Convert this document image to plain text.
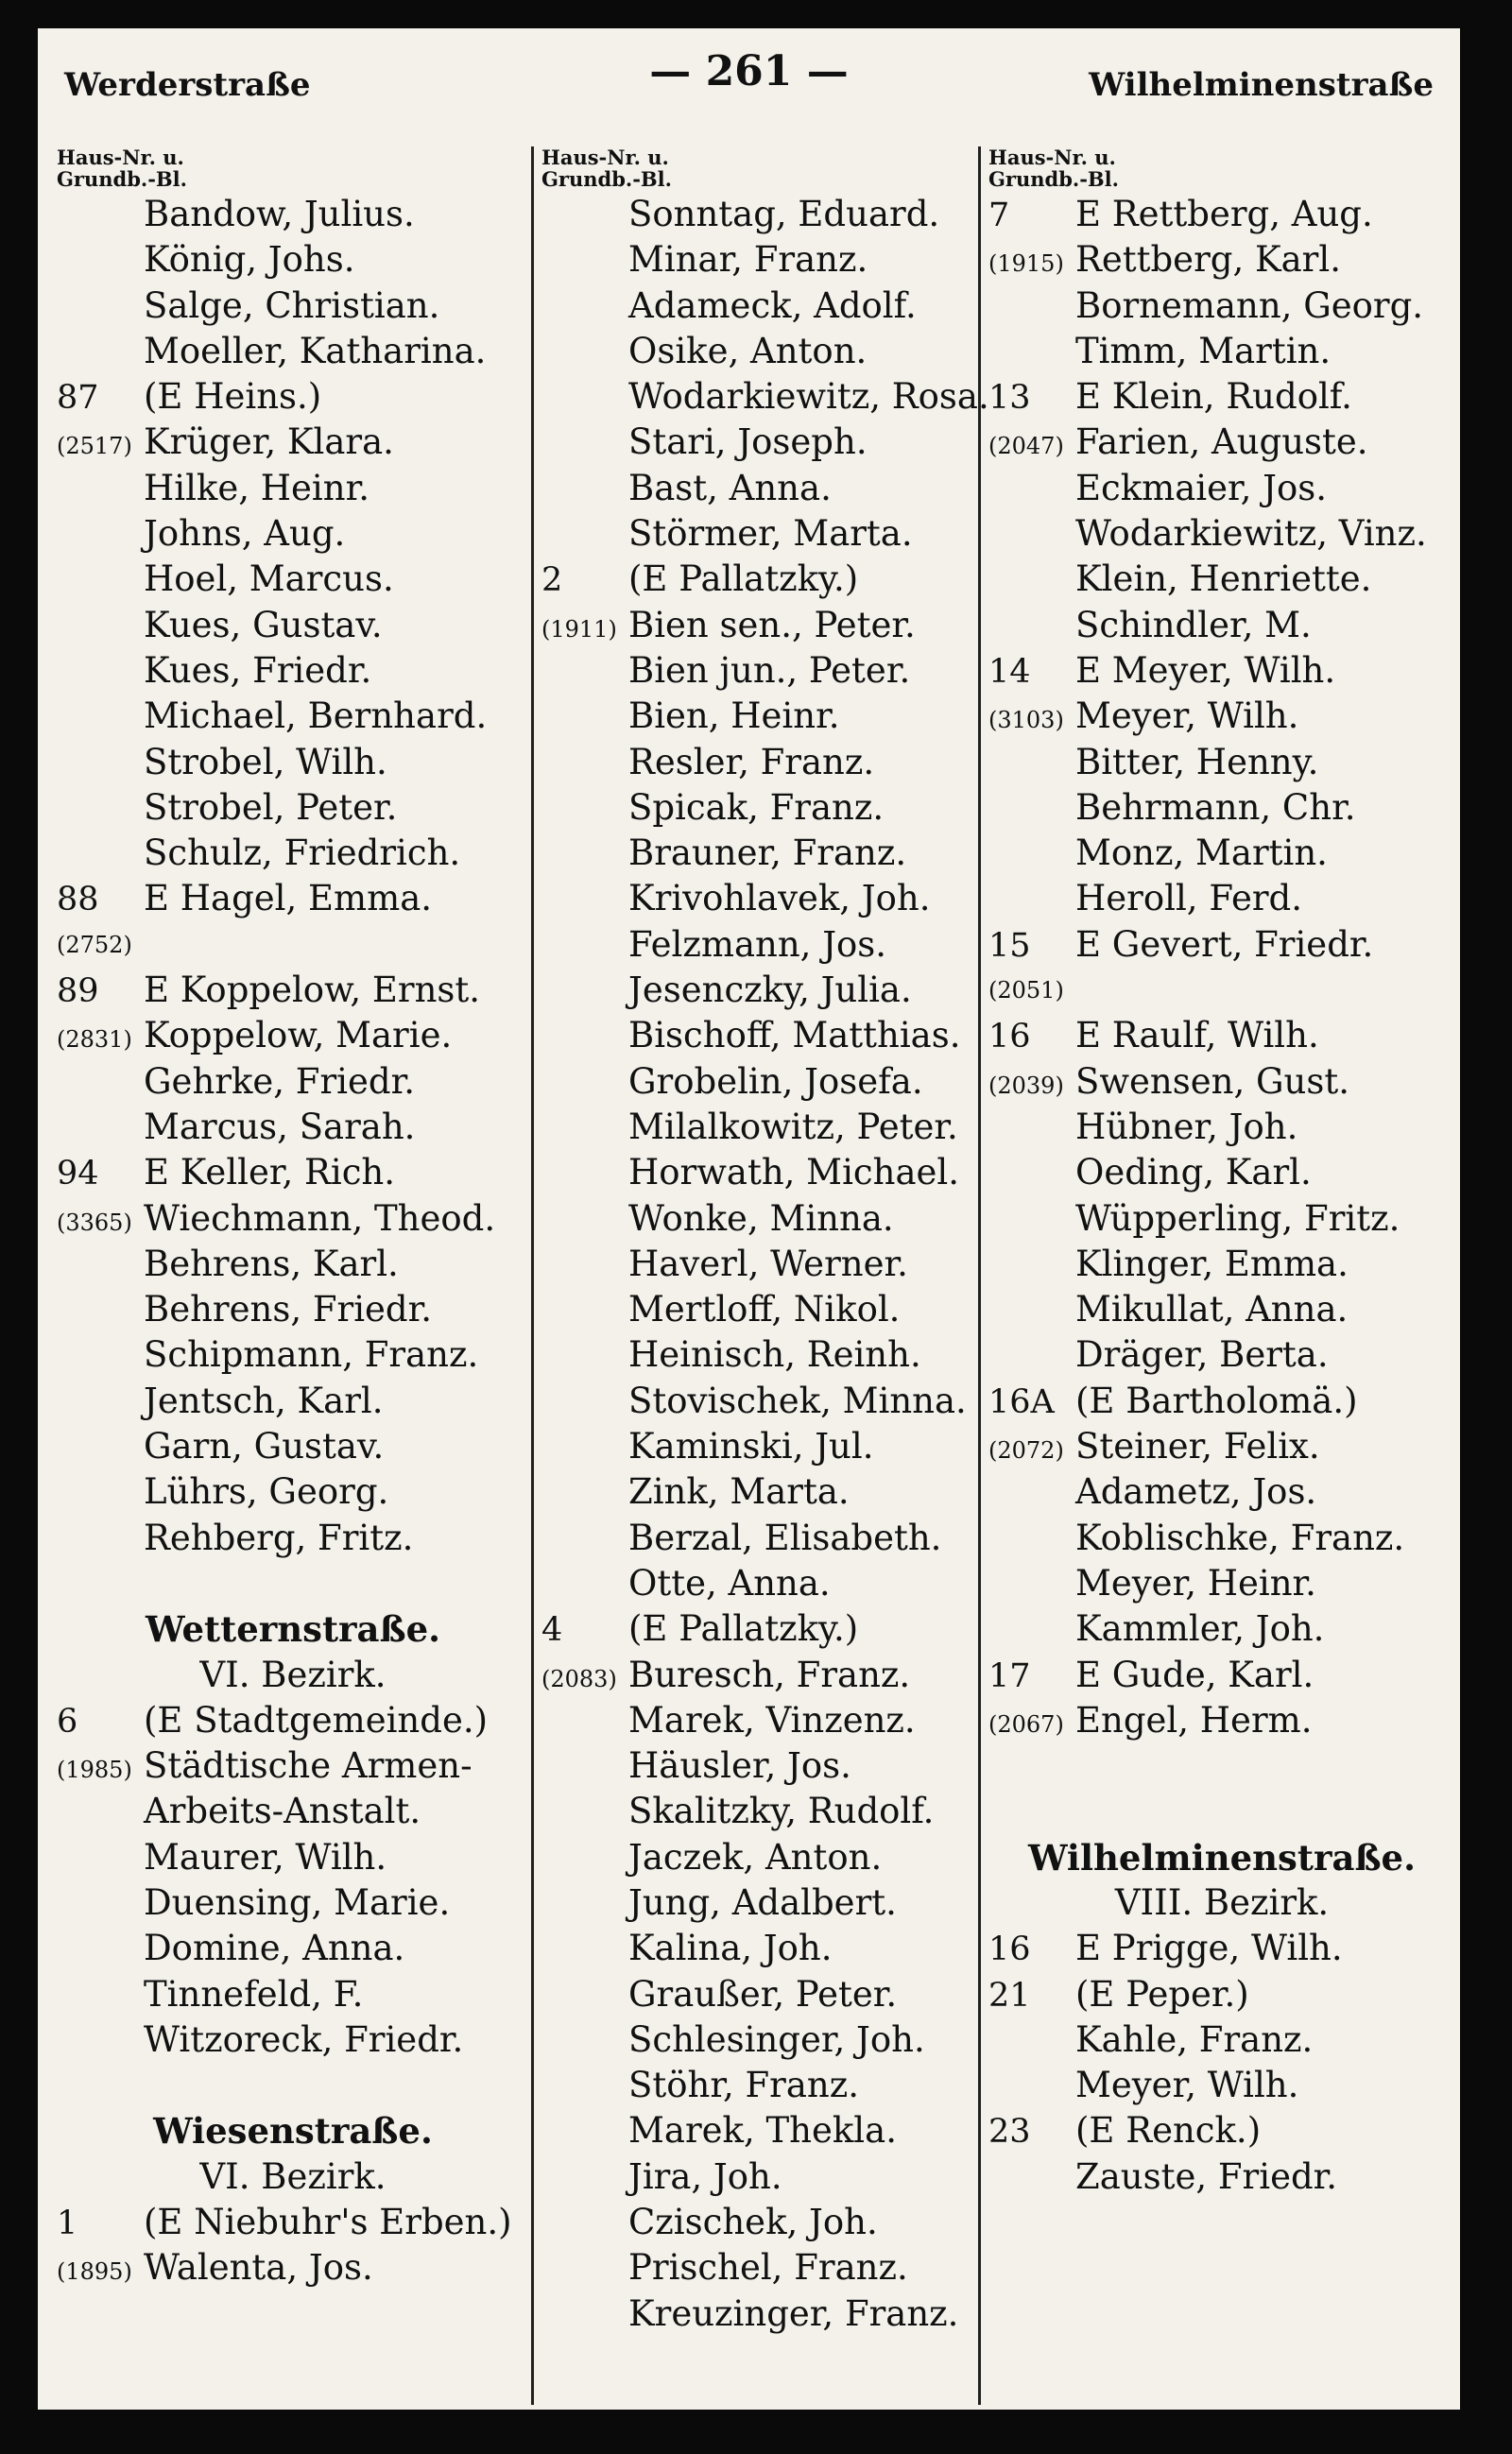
Werderstraße	— 261 —	Wilhelminenstraße
Haus-Nr. u.
Grundb.-Bl.
Bandow, Julius.
König, Johs.
Salge, Christian.
Moeller, Katharina.
87	(E Heins.)
(2517) Krüger, Klara.
Hilke, Heinr.
Johns, Aug.
Hoel, Marcus.
Kues, Gustav.
Kues, Friedr.
Michael, Bernhard.
Strobel, Wilh.
Strobel, Peter.
Schulz, Friedrich.
88	E Hagel, Emma.
(2752)
89	E Koppelow, Ernst.
(2831) Koppelow, Marie.
Gehrke, Friedr.
Marcus, Sarah.
94	E Keller, Rich.
(3365) Wiechmann, Theod.
Behrens, Karl.
Behrens, Friedr.
Schipmann, Franz.
Jentsch, Karl.
Garn, Gustav.
Lührs, Georg.
Rehberg, Fritz.
Wetternstraße.
VI. Bezirk.
6	(E Stadtgemeinde.)
(1985) Städtische Armen-
Arbeits-Anstalt.
Maurer, Wilh.
Duensing, Marie.
Domine, Anna.
Tinnefeld, F.
Witzoreck, Friedr.
Wiesenstraße.
VI. Bezirk.
1	(E Niebuhr's Erben.)
(1895) Walenta, Jos.
Haus-Nr. u.
Grundb.-Bl.
Sonntag, Eduard.
Minar, Franz.
Adameck, Adolf.
Osike, Anton.
Wodarkiewitz, Rosa.
Stari, Joseph.
Bast, Anna.
Störmer, Marta.
2	(E Pallatzky.)
(1911) Bien sen., Peter.
Bien jun., Peter.
Bien, Heinr.
Resler, Franz.
Spicak, Franz.
Brauner, Franz.
Krivohlavek, Joh.
Felzmann, Jos.
Jesenczky, Julia.
Bischoff, Matthias.
Grobelin, Josefa.
Milalkowitz, Peter.
Horwath, Michael.
Wonke, Minna.
Haverl, Werner.
Mertloff, Nikol.
Heinisch, Reinh.
Stovischek, Minna.
Kaminski, Jul.
Zink, Marta.
Berzal, Elisabeth.
Otte, Anna.
4	(E Pallatzky.)
(2083) Buresch, Franz.
Marek, Vinzenz.
Häusler, Jos.
Skalitzky, Rudolf.
Jaczek, Anton.
Jung, Adalbert.
Kalina, Joh.
Graußer, Peter.
Schlesinger, Joh.
Stöhr, Franz.
Marek, Thekla.
Jira, Joh.
Czischek, Joh.
Prischel, Franz.
Kreuzinger, Franz.
Haus-Nr. u.
Grundb.-Bl.
7	E Rettberg, Aug.
(1915) Rettberg, Karl.
Bornemann, Georg.
Timm, Martin.
13	E Klein, Rudolf.
(2047) Farien, Auguste.
Eckmaier, Jos.
Wodarkiewitz, Vinz.
Klein, Henriette.
Schindler, M.
14	E Meyer, Wilh.
(3103) Meyer, Wilh.
Bitter, Henny.
Behrmann, Chr.
Monz, Martin.
Heroll, Ferd.
15	E Gevert, Friedr.
(2051)
16	E Raulf, Wilh.
(2039) Swensen, Gust.
Hübner, Joh.
Oeding, Karl.
Wüpperling, Fritz.
Klinger, Emma.
Mikullat, Anna.
Dräger, Berta.
16A (E Bartholomä.)
(2072) Steiner, Felix.
Adametz, Jos.
Koblischke, Franz.
Meyer, Heinr.
Kammler, Joh.
17	E Gude, Karl.
(2067) Engel, Herm.
Wilhelminenstraße.
VIII. Bezirk.
16	E Prigge, Wilh.
21	(E Peper.)
Kahle, Franz.
Meyer, Wilh.
23	(E Renck.)
Zauste, Friedr.
